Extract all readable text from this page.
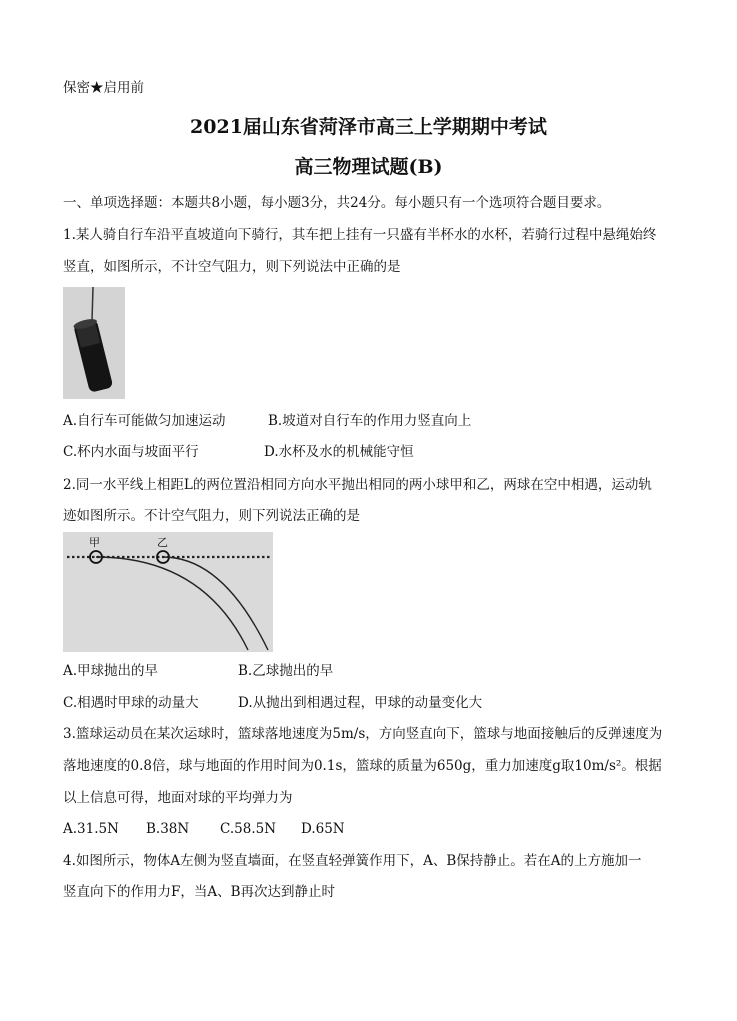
保密★启用前
2021届山东省菏泽市高三上学期期中考试
高三物理试题(B)
一、单项选择题：本题共8小题，每小题3分，共24分。每小题只有一个选项符合题目要求。
1.某人骑自行车沿平直坡道向下骑行，其车把上挂有一只盛有半杯水的水杯，若骑行过程中悬绳始终
竖直，如图所示，不计空气阻力，则下列说法中正确的是
A.自行车可能做匀加速运动	B.坡道对自行车的作用力竖直向上
C.杯内水面与坡面平行	D.水杯及水的机械能守恒
2.同一水平线上相距L的两位置沿相同方向水平抛出相同的两小球甲和乙，两球在空中相遇，运动轨
迹如图所示。不计空气阻力，则下列说法正确的是
甲	乙
A.甲球抛出的早	B.乙球抛出的早
C.相遇时甲球的动量大	D.从抛出到相遇过程，甲球的动量变化大
3.篮球运动员在某次运球时，篮球落地速度为5m/s，方向竖直向下，篮球与地面接触后的反弹速度为
落地速度的0.8倍，球与地面的作用时间为0.1s，篮球的质量为650g，重力加速度g取10m/s²。根据
以上信息可得，地面对球的平均弹力为
A.31.5N B.38N C.58.5N D.65N
4.如图所示，物体A左侧为竖直墙面，在竖直轻弹簧作用下，A、B保持静止。若在A的上方施加一
竖直向下的作用力F，当A、B再次达到静止时
